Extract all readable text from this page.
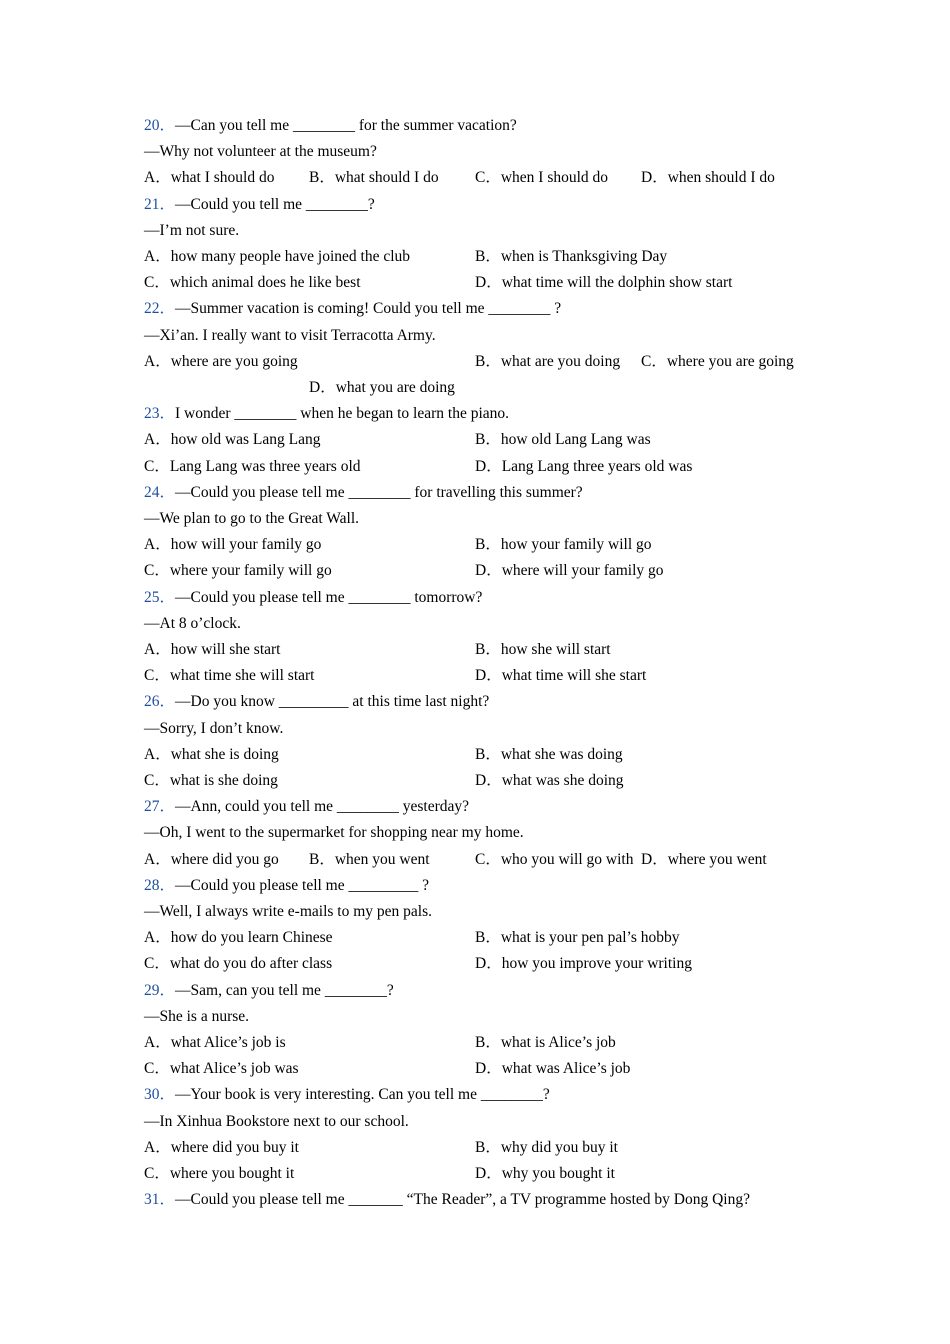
20．—Can you tell me ________ for the summer vacation?
—Why not volunteer at the museum?
A．what I should do B．what should I do C．when I should do D．when should I do
21．—Could you tell me ________?
—I’m not sure.
A．how many people have joined the club	B．when is Thanksgiving Day
C．which animal does he like best	D．what time will the dolphin show start
22．—Summer vacation is coming! Could you tell me ________ ?
—Xi’an. I really want to visit Terracotta Army.
A．where are you going	B．what are you doing C．where you are going
D．what you are doing
23．I wonder ________ when he began to learn the piano.
A．how old was Lang Lang	B．how old Lang Lang was
C．Lang Lang was three years old	D．Lang Lang three years old was
24．—Could you please tell me ________ for travelling this summer?
—We plan to go to the Great Wall.
A．how will your family go	B．how your family will go
C．where your family will go	D．where will your family go
25．—Could you please tell me ________ tomorrow?
—At 8 o’clock.
A．how will she start	B．how she will start
C．what time she will start	D．what time will she start
26．—Do you know _________ at this time last night?
—Sorry, I don’t know.
A．what she is doing	B．what she was doing
C．what is she doing	D．what was she doing
27．—Ann, could you tell me ________ yesterday?
—Oh, I went to the supermarket for shopping near my home.
A．where did you go B．when you went	C．who you will go with D．where you went
28．—Could you please tell me _________ ?
—Well, I always write e-mails to my pen pals.
A．how do you learn Chinese	B．what is your pen pal’s hobby
C．what do you do after class	D．how you improve your writing
29．—Sam, can you tell me ________?
—She is a nurse.
A．what Alice’s job is	B．what is Alice’s job
C．what Alice’s job was	D．what was Alice’s job
30．—Your book is very interesting. Can you tell me ________?
—In Xinhua Bookstore next to our school.
A．where did you buy it	B．why did you buy it
C．where you bought it	D．why you bought it
31．—Could you please tell me _______ “The Reader”, a TV programme hosted by Dong Qing?
